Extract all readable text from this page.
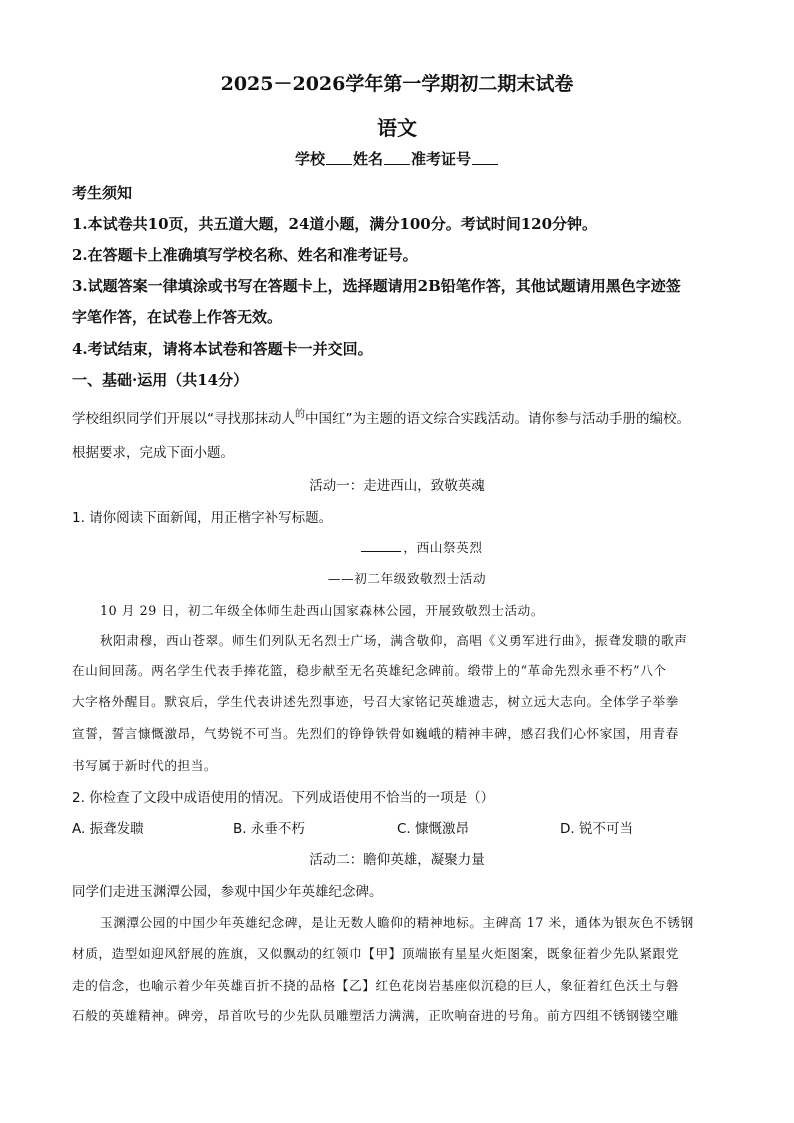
2025－2026学年第一学期初二期末试卷
语文
学校 姓名 准考证号
考生须知
1.本试卷共10页，共五道大题，24道小题，满分100分。考试时间120分钟。
2.在答题卡上准确填写学校名称、姓名和准考证号。
3.试题答案一律填涂或书写在答题卡上，选择题请用2B铅笔作答，其他试题请用黑色字迹签
字笔作答，在试卷上作答无效。
4.考试结束，请将本试卷和答题卡一并交回。
一、基础·运用（共14分）
学校组织同学们开展以“寻找那抹动人$^的$中国红”为主题的语文综合实践活动。请你参与活动手册的编校。
根据要求，完成下面小题。
活动一：走进西山，致敬英魂
1. 请你阅读下面新闻，用正楷字补写标题。
，西山祭英烈
——初二年级致敬烈士活动
10 月 29 日，初二年级全体师生赴西山国家森林公园，开展致敬烈士活动。
秋阳肃穆，西山苍翠。师生们列队无名烈士广场，满含敬仰，高唱《义勇军进行曲》，振聋发聩的歌声
在山间回荡。两名学生代表手捧花篮，稳步献至无名英雄纪念碑前。缎带上的“革命先烈永垂不朽”八个
大字格外醒目。默哀后，学生代表讲述先烈事迹，号召大家铭记英雄遗志，树立远大志向。全体学子举拳
宣誓，誓言慷慨激昂，气势锐不可当。先烈们的铮铮铁骨如巍峨的精神丰碑，感召我们心怀家国，用青春
书写属于新时代的担当。
2. 你检查了文段中成语使用的情况。下列成语使用不恰当的一项是（）
A. 振聋发聩	B. 永垂不朽	C. 慷慨激昂	D. 锐不可当
活动二：瞻仰英雄，凝聚力量
同学们走进玉渊潭公园，参观中国少年英雄纪念碑。
玉渊潭公园的中国少年英雄纪念碑，是让无数人瞻仰的精神地标。主碑高 17 米，通体为银灰色不锈钢
材质，造型如迎风舒展的旌旗，又似飘动的红领巾【甲】顶端嵌有星星火炬图案，既象征着少先队紧跟党
走的信念，也喻示着少年英雄百折不挠的品格【乙】红色花岗岩基座似沉稳的巨人，象征着红色沃土与磐
石般的英雄精神。碑旁，昂首吹号的少先队员雕塑活力满满，正吹响奋进的号角。前方四组不锈钢镂空雕
